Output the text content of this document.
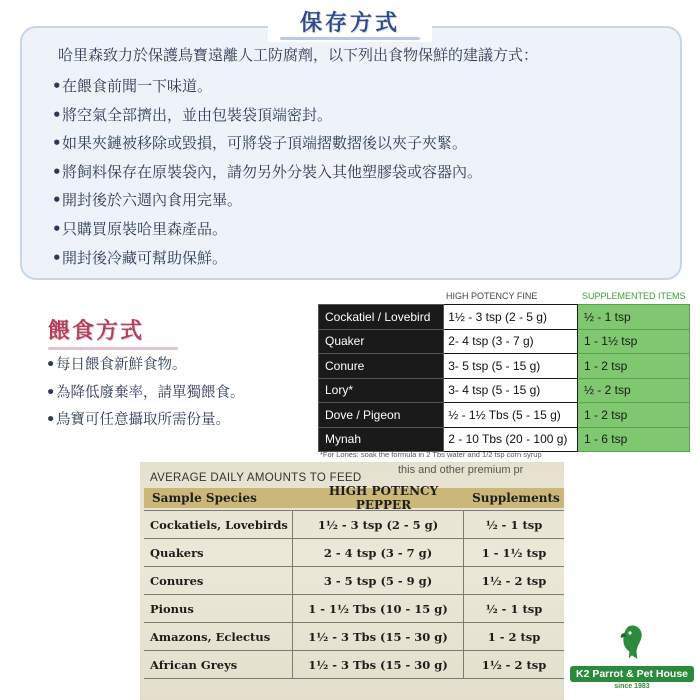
保存方式
哈里森致力於保護鳥寶遠離人工防腐劑，以下列出食物保鮮的建議方式：
•在餵食前聞一下味道。
•將空氣全部擠出，並由包裝袋頂端密封。
•如果夾鏈被移除或毀損，可將袋子頂端摺數摺後以夾子夾緊。
•將飼料保存在原裝袋內，請勿另外分裝入其他塑膠袋或容器內。
•開封後於六週內食用完畢。
•只購買原裝哈里森產品。
•開封後冷藏可幫助保鮮。
餵食方式
•每日餵食新鮮食物。
•為降低廢棄率，請單獨餵食。
•鳥寶可任意攝取所需份量。
HIGH POTENCY FINE	SUPPLEMENTED ITEMS
Cockatiel / Lovebird	1½ - 3 tsp (2 - 5 g)	½ - 1 tsp
Quaker	2- 4 tsp (3 - 7 g)	1 - 1½ tsp
Conure	3- 5 tsp (5 - 15 g)	1 - 2 tsp
Lory*	3- 4 tsp (5 - 15 g)	½ - 2 tsp
Dove / Pigeon	½ - 1½ Tbs (5 - 15 g)	1 - 2 tsp
Mynah	2 - 10 Tbs (20 - 100 g)	1 - 6 tsp
*For Lories: soak the formula in 2 Tbs water and 1/2 tsp corn syrup
this and other premium pr
AVERAGE DAILY AMOUNTS TO FEED
Sample Species	HIGH POTENCY PEPPER	Supplements
Cockatiels, Lovebirds	1½ - 3 tsp (2 - 5 g)	½ - 1 tsp
Quakers	2 - 4 tsp (3 - 7 g)	1 - 1½ tsp
Conures	3 - 5 tsp (5 - 9 g)	1½ - 2 tsp
Pionus	1 - 1½ Tbs (10 - 15 g)	½ - 1 tsp
Amazons, Eclectus	1½ - 3 Tbs (15 - 30 g)	1 - 2 tsp
African Greys	1½ - 3 Tbs (15 - 30 g)	1½ - 2 tsp
寵物	世界
K2 Parrot & Pet House
since 1983
